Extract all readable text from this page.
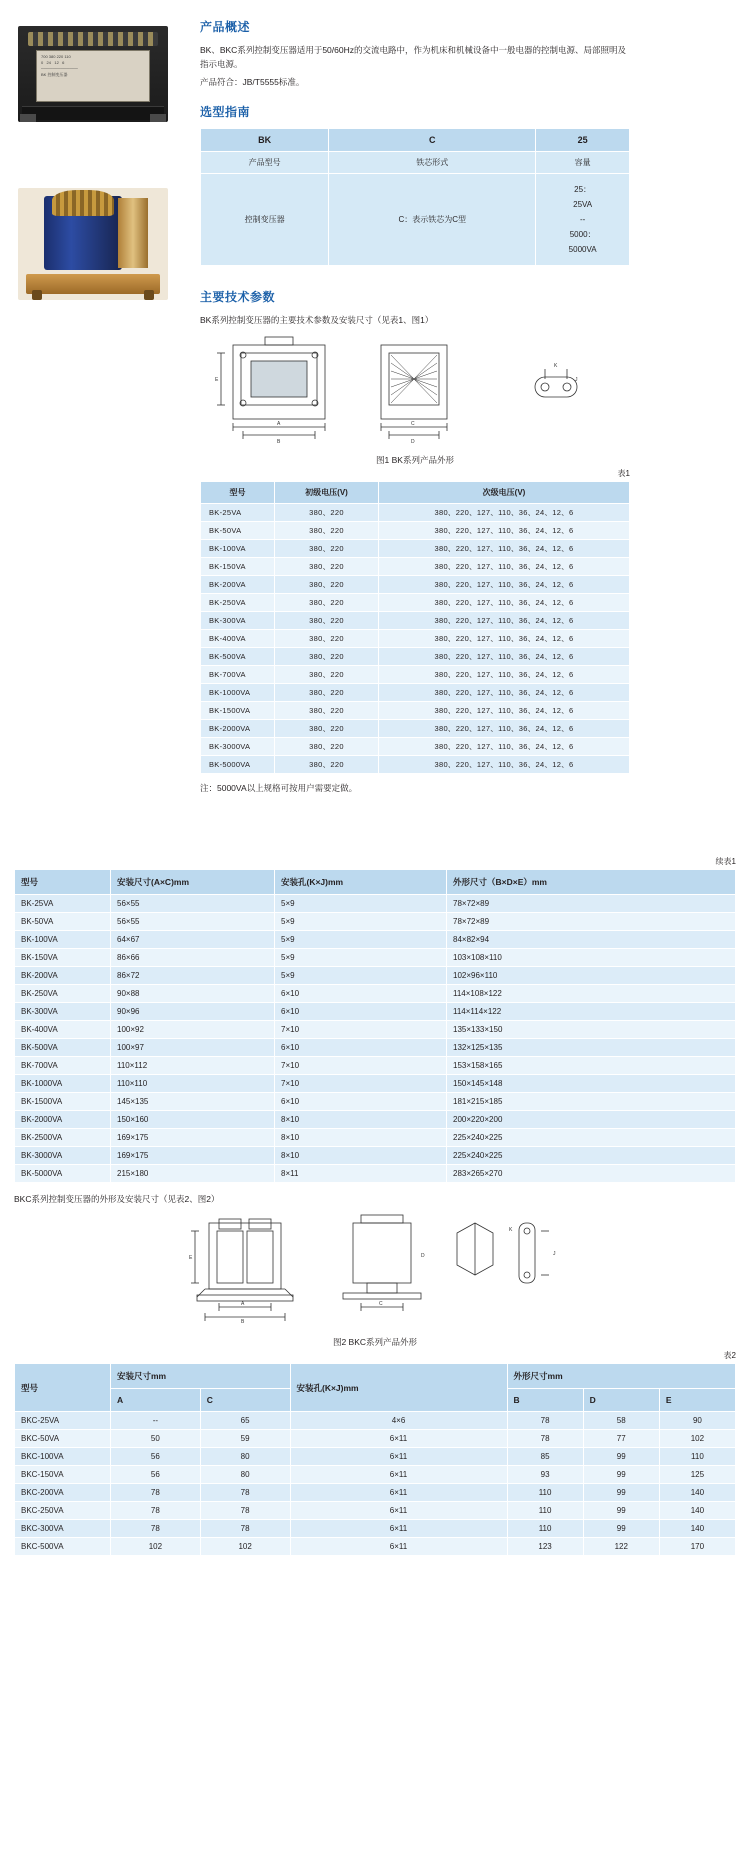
700 380 220 110
0   24   12   6
─────────────
BK 控制变压器
产品概述

BK、BKC系列控制变压器适用于50/60Hz的交流电路中，作为机床和机械设备中一般电器的控制电源、局部照明及指示电源。

产品符合：JB/T5555标准。

选型指南
BK	C	25
产品型号	铁芯形式	容量
控制变压器	C：表示铁芯为C型	25：
25VA
--
5000：
5000VA
主要技术参数

BK系列控制变压器的主要技术参数及安装尺寸（见表1、图1）

A
B
E
C
D
K
J
图1 BK系列产品外形
表1
型号	初级电压(V)	次级电压(V)
BK-25VA	380、220	380、220、127、110、36、24、12、6
BK-50VA	380、220	380、220、127、110、36、24、12、6
BK-100VA	380、220	380、220、127、110、36、24、12、6
BK-150VA	380、220	380、220、127、110、36、24、12、6
BK-200VA	380、220	380、220、127、110、36、24、12、6
BK-250VA	380、220	380、220、127、110、36、24、12、6
BK-300VA	380、220	380、220、127、110、36、24、12、6
BK-400VA	380、220	380、220、127、110、36、24、12、6
BK-500VA	380、220	380、220、127、110、36、24、12、6
BK-700VA	380、220	380、220、127、110、36、24、12、6
BK-1000VA	380、220	380、220、127、110、36、24、12、6
BK-1500VA	380、220	380、220、127、110、36、24、12、6
BK-2000VA	380、220	380、220、127、110、36、24、12、6
BK-3000VA	380、220	380、220、127、110、36、24、12、6
BK-5000VA	380、220	380、220、127、110、36、24、12、6

注：5000VA以上规格可按用户需要定做。

续表1
型号	安装尺寸(A×C)mm	安装孔(K×J)mm	外形尺寸（B×D×E）mm
BK-25VA	56×55	5×9	78×72×89
BK-50VA	56×55	5×9	78×72×89
BK-100VA	64×67	5×9	84×82×94
BK-150VA	86×66	5×9	103×108×110
BK-200VA	86×72	5×9	102×96×110
BK-250VA	90×88	6×10	114×108×122
BK-300VA	90×96	6×10	114×114×122
BK-400VA	100×92	7×10	135×133×150
BK-500VA	100×97	6×10	132×125×135
BK-700VA	110×112	7×10	153×158×165
BK-1000VA	110×110	7×10	150×145×148
BK-1500VA	145×135	6×10	181×215×185
BK-2000VA	150×160	8×10	200×220×200
BK-2500VA	169×175	8×10	225×240×225
BK-3000VA	169×175	8×10	225×240×225
BK-5000VA	215×180	8×11	283×265×270

BKC系列控制变压器的外形及安装尺寸（见表2、图2）

A
B
E
C
D
K
J
图2 BKC系列产品外形
表2
型号	安装尺寸mm		安装孔(K×J)mm	外形尺寸mm		
	A	C		B	D	E
BKC-25VA	--	65	4×6	78	58	90
BKC-50VA	50	59	6×11	78	77	102
BKC-100VA	56	80	6×11	85	99	110
BKC-150VA	56	80	6×11	93	99	125
BKC-200VA	78	78	6×11	110	99	140
BKC-250VA	78	78	6×11	110	99	140
BKC-300VA	78	78	6×11	110	99	140
BKC-500VA	102	102	6×11	123	122	170
